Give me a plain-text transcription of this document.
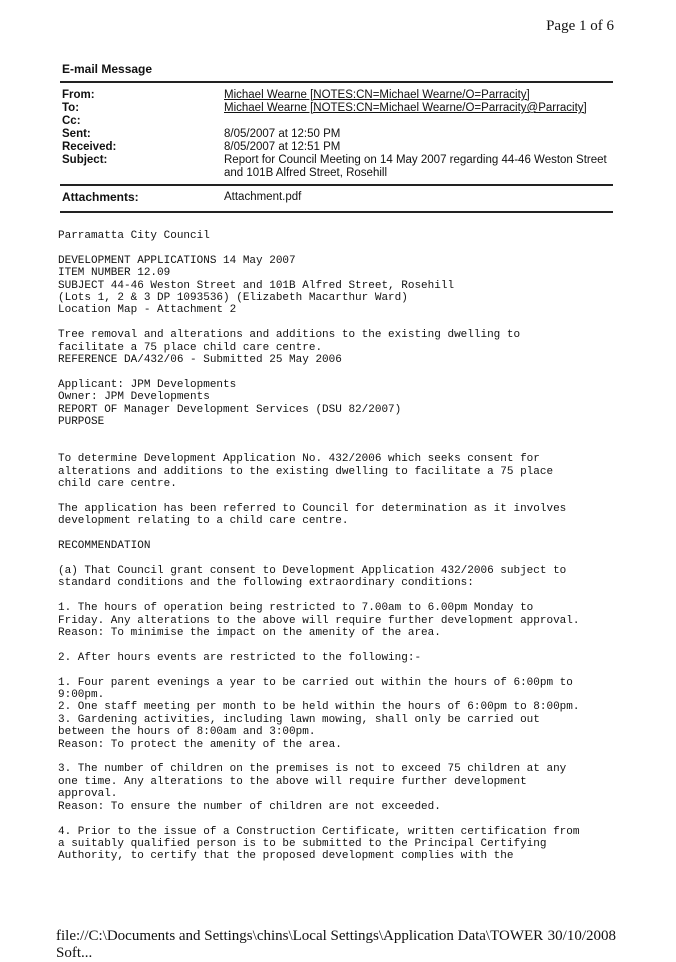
Page 1 of 6
E-mail Message
From:
To:
Cc:
Sent:
Received:
Subject:
Michael Wearne [NOTES:CN=Michael Wearne/O=Parracity]
Michael Wearne [NOTES:CN=Michael Wearne/O=Parracity@Parracity]
8/05/2007 at 12:50 PM
8/05/2007 at 12:51 PM
Report for Council Meeting on 14 May 2007 regarding 44-46 Weston Street and 101B Alfred Street, Rosehill
Attachments:	Attachment.pdf
Parramatta City Council

DEVELOPMENT APPLICATIONS 14 May 2007
ITEM NUMBER 12.09
SUBJECT 44-46 Weston Street and 101B Alfred Street, Rosehill
(Lots 1, 2 & 3 DP 1093536) (Elizabeth Macarthur Ward)
Location Map - Attachment 2

Tree removal and alterations and additions to the existing dwelling to
facilitate a 75 place child care centre.
REFERENCE DA/432/06 - Submitted 25 May 2006

Applicant: JPM Developments
Owner: JPM Developments
REPORT OF Manager Development Services (DSU 82/2007)
PURPOSE

To determine Development Application No. 432/2006 which seeks consent for
alterations and additions to the existing dwelling to facilitate a 75 place
child care centre.

The application has been referred to Council for determination as it involves
development relating to a child care centre.

RECOMMENDATION

(a) That Council grant consent to Development Application 432/2006 subject to
standard conditions and the following extraordinary conditions:

1. The hours of operation being restricted to 7.00am to 6.00pm Monday to
Friday. Any alterations to the above will require further development approval.
Reason: To minimise the impact on the amenity of the area.

2. After hours events are restricted to the following:-

1. Four parent evenings a year to be carried out within the hours of 6:00pm to
9:00pm.
2. One staff meeting per month to be held within the hours of 6:00pm to 8:00pm.
3. Gardening activities, including lawn mowing, shall only be carried out
between the hours of 8:00am and 3:00pm.
Reason: To protect the amenity of the area.

3. The number of children on the premises is not to exceed 75 children at any
one time. Any alterations to the above will require further development
approval.
Reason: To ensure the number of children are not exceeded.

4. Prior to the issue of a Construction Certificate, written certification from
a suitably qualified person is to be submitted to the Principal Certifying
Authority, to certify that the proposed development complies with the
file://C:\Documents and Settings\chins\Local Settings\Application Data\TOWER Soft...
30/10/2008
